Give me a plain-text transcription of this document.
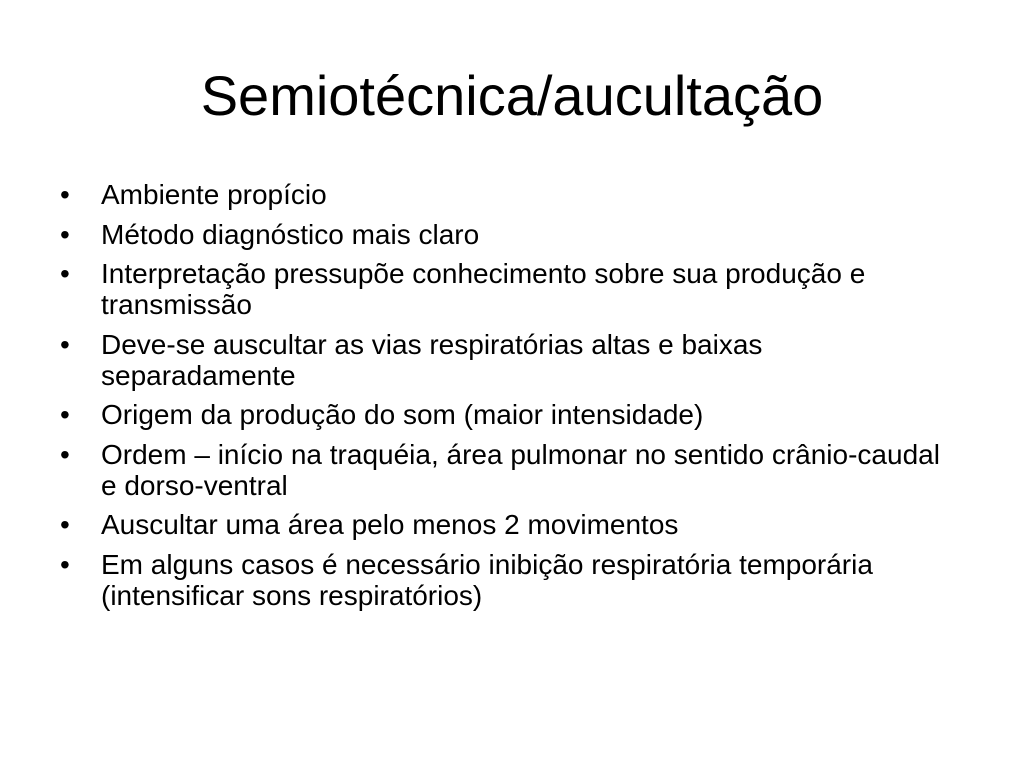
Semiotécnica/aucultação
•	Ambiente propício
•	Método diagnóstico mais claro
•	Interpretação pressupõe conhecimento sobre sua produção e transmissão
•	Deve-se auscultar as vias respiratórias altas e baixas separadamente
•	Origem da produção do som (maior intensidade)
•	Ordem – início na traquéia, área pulmonar no sentido crânio-caudal e dorso-ventral
•	Auscultar uma área pelo menos 2 movimentos
•	Em alguns casos é necessário inibição respiratória temporária (intensificar sons respiratórios)
